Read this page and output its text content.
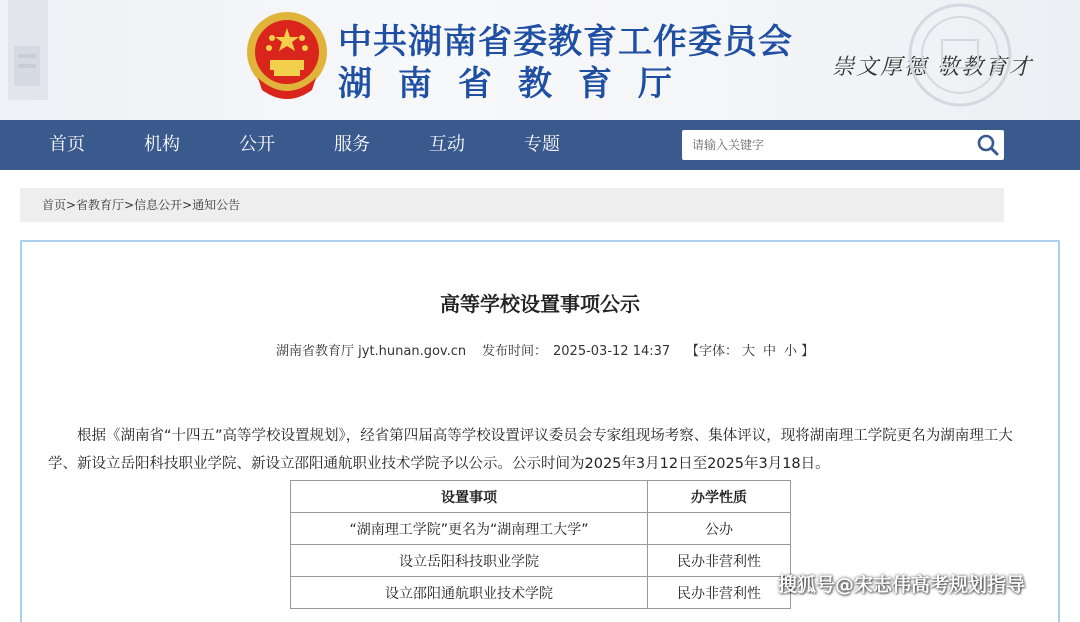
中共湖南省委教育工作委员会
湖南省教育厅	崇文厚德 敬教育才
首页	机构	公开	服务	互动	专题
请输入关键字
首页>省教育厅>信息公开>通知公告
高等学校设置事项公示
湖南省教育厅 jyt.hunan.gov.cn 发布时间： 2025-03-12 14:37 【字体： 大 中 小 】
根据《湖南省“十四五”高等学校设置规划》，经省第四届高等学校设置评议委员会专家组现场考察、集体评议，现将湖南理工学院更名为湖南理工大学、新设立岳阳科技职业学院、新设立邵阳通航职业技术学院予以公示。公示时间为2025年3月12日至2025年3月18日。
设置事项	办学性质
“湖南理工学院”更名为“湖南理工大学”	公办
设立岳阳科技职业学院	民办非营利性
设立邵阳通航职业技术学院	民办非营利性 搜狐号@宋志伟高考规划指导
